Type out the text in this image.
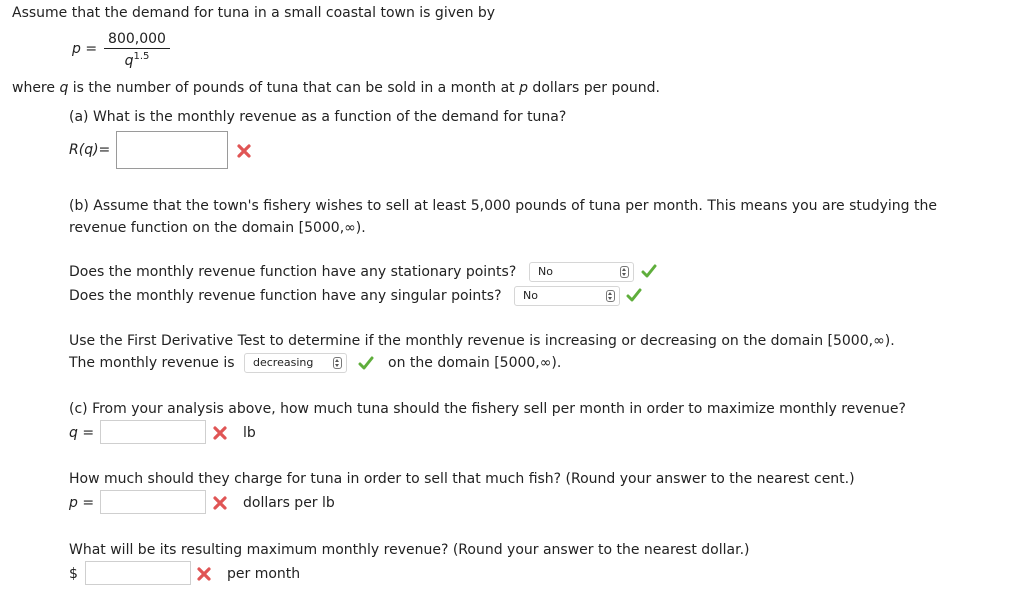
Assume that the demand for tuna in a small coastal town is given by
$p = \frac{800,000}{q^{1.5}}$
where q is the number of pounds of tuna that can be sold in a month at p dollars per pound.
(a) What is the monthly revenue as a function of the demand for tuna?
R(q)=
(b) Assume that the town's fishery wishes to sell at least 5,000 pounds of tuna per month. This means you are studying the
revenue function on the domain [5000,∞).
Does the monthly revenue function have any stationary points?	No
Does the monthly revenue function have any singular points?	No
Use the First Derivative Test to determine if the monthly revenue is increasing or decreasing on the domain [5000,∞).
The monthly revenue is	decreasing	on the domain [5000,∞).
(c) From your analysis above, how much tuna should the fishery sell per month in order to maximize monthly revenue?
q =	lb
How much should they charge for tuna in order to sell that much fish? (Round your answer to the nearest cent.)
p =	dollars per lb
What will be its resulting maximum monthly revenue? (Round your answer to the nearest dollar.)
$	per month
